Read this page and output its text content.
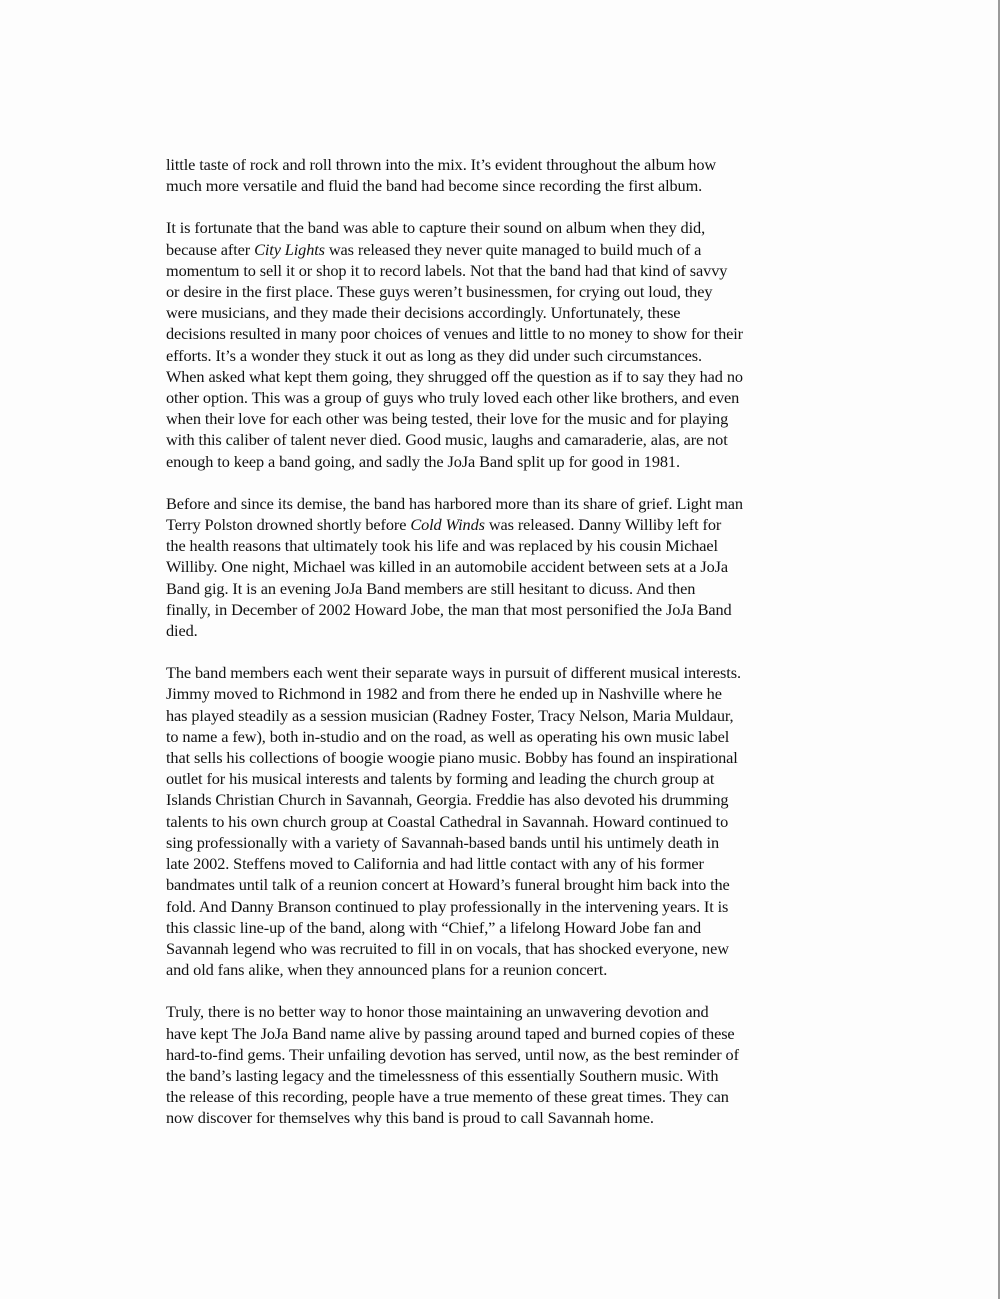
little taste of rock and roll thrown into the mix. It’s evident throughout the album how
much more versatile and fluid the band had become since recording the first album.

It is fortunate that the band was able to capture their sound on album when they did,
because after City Lights was released they never quite managed to build much of a
momentum to sell it or shop it to record labels. Not that the band had that kind of savvy
or desire in the first place. These guys weren’t businessmen, for crying out loud, they
were musicians, and they made their decisions accordingly. Unfortunately, these
decisions resulted in many poor choices of venues and little to no money to show for their
efforts. It’s a wonder they stuck it out as long as they did under such circumstances.
When asked what kept them going, they shrugged off the question as if to say they had no
other option. This was a group of guys who truly loved each other like brothers, and even
when their love for each other was being tested, their love for the music and for playing
with this caliber of talent never died. Good music, laughs and camaraderie, alas, are not
enough to keep a band going, and sadly the JoJa Band split up for good in 1981.

Before and since its demise, the band has harbored more than its share of grief. Light man
Terry Polston drowned shortly before Cold Winds was released. Danny Williby left for
the health reasons that ultimately took his life and was replaced by his cousin Michael
Williby. One night, Michael was killed in an automobile accident between sets at a JoJa
Band gig. It is an evening JoJa Band members are still hesitant to dicuss. And then
finally, in December of 2002 Howard Jobe, the man that most personified the JoJa Band
died.

The band members each went their separate ways in pursuit of different musical interests.
Jimmy moved to Richmond in 1982 and from there he ended up in Nashville where he
has played steadily as a session musician (Radney Foster, Tracy Nelson, Maria Muldaur,
to name a few), both in-studio and on the road, as well as operating his own music label
that sells his collections of boogie woogie piano music. Bobby has found an inspirational
outlet for his musical interests and talents by forming and leading the church group at
Islands Christian Church in Savannah, Georgia. Freddie has also devoted his drumming
talents to his own church group at Coastal Cathedral in Savannah. Howard continued to
sing professionally with a variety of Savannah-based bands until his untimely death in
late 2002. Steffens moved to California and had little contact with any of his former
bandmates until talk of a reunion concert at Howard’s funeral brought him back into the
fold. And Danny Branson continued to play professionally in the intervening years. It is
this classic line-up of the band, along with “Chief,” a lifelong Howard Jobe fan and
Savannah legend who was recruited to fill in on vocals, that has shocked everyone, new
and old fans alike, when they announced plans for a reunion concert.

Truly, there is no better way to honor those maintaining an unwavering devotion and
have kept The JoJa Band name alive by passing around taped and burned copies of these
hard-to-find gems. Their unfailing devotion has served, until now, as the best reminder of
the band’s lasting legacy and the timelessness of this essentially Southern music. With
the release of this recording, people have a true memento of these great times. They can
now discover for themselves why this band is proud to call Savannah home.
